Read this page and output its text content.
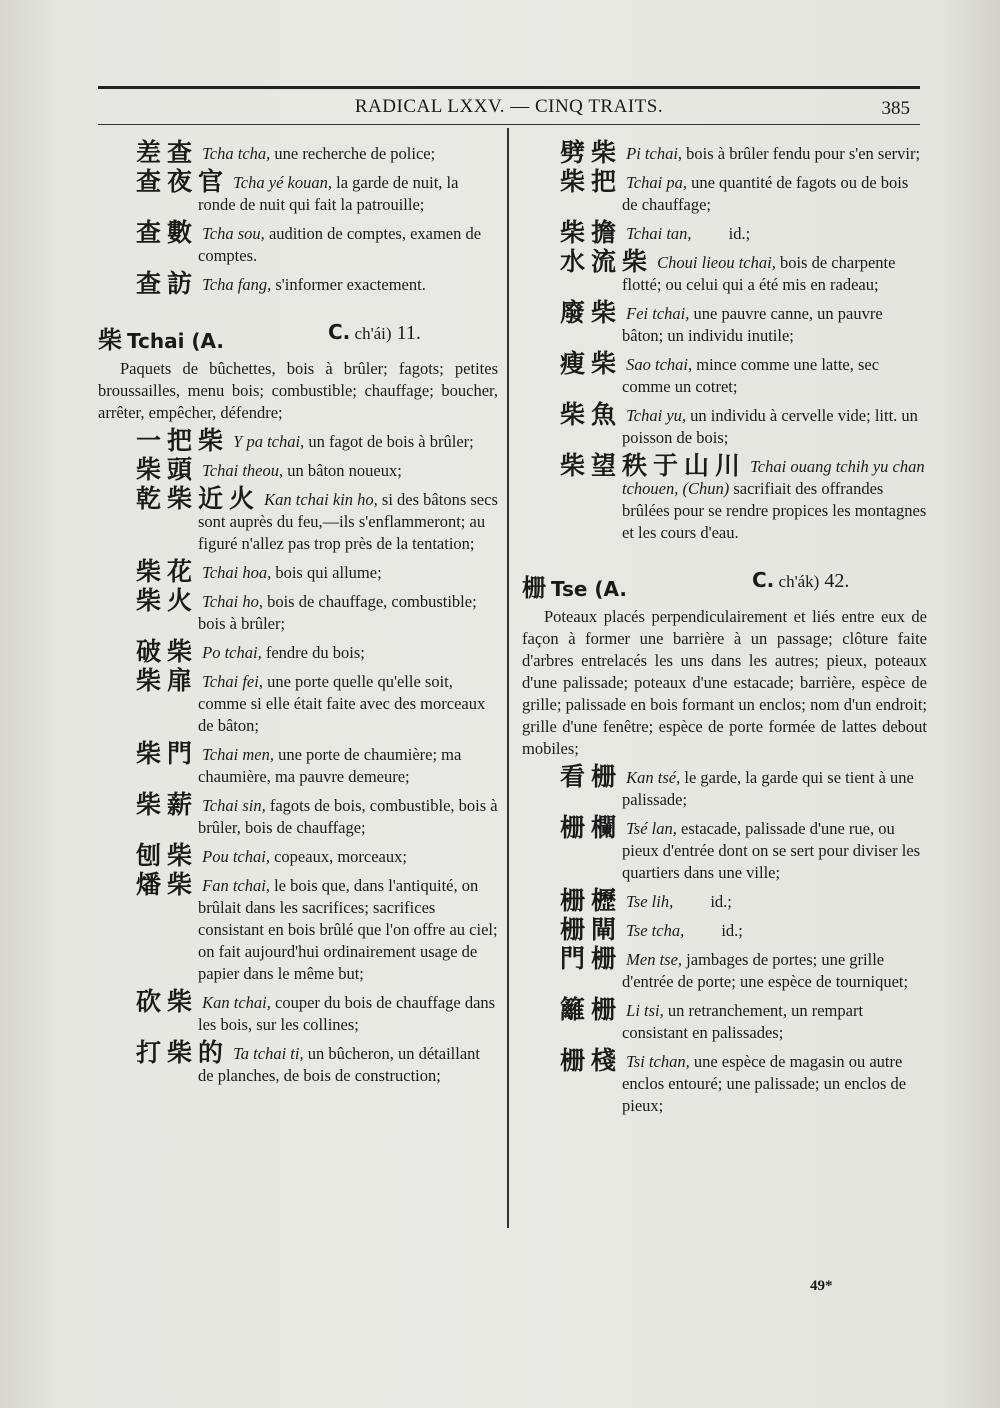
RADICAL LXXV. — CINQ TRAITS.	385
差查 Tcha tcha, une recherche de police;
查夜官 Tcha yé kouan, la garde de nuit, la ronde de nuit qui fait la patrouille;
查數 Tcha sou, audition de comptes, examen de comptes.
查訪 Tcha fang, s'informer exactement.
柴 Tchai (A.	C. ch'ái) 11.

Paquets de bûchettes, bois à brûler; fagots; petites broussailles, menu bois; combustible; chauffage; boucher, arrêter, empêcher, défendre;

一把柴 Y pa tchai, un fagot de bois à brûler;
柴頭 Tchai theou, un bâton noueux;
乾柴近火 Kan tchai kin ho, si des bâtons secs sont auprès du feu,—ils s'enflammeront; au figuré n'allez pas trop près de la tentation;
柴花 Tchai hoa, bois qui allume;
柴火 Tchai ho, bois de chauffage, combustible; bois à brûler;
破柴 Po tchai, fendre du bois;
柴扉 Tchai fei, une porte quelle qu'elle soit, comme si elle était faite avec des morceaux de bâton;
柴門 Tchai men, une porte de chaumière; ma chaumière, ma pauvre demeure;
柴薪 Tchai sin, fagots de bois, combustible, bois à brûler, bois de chauffage;
刨柴 Pou tchai, copeaux, morceaux;
燔柴 Fan tchai, le bois que, dans l'antiquité, on brûlait dans les sacrifices; sacrifices consistant en bois brûlé que l'on offre au ciel; on fait aujourd'hui ordinairement usage de papier dans le même but;
砍柴 Kan tchai, couper du bois de chauffage dans les bois, sur les collines;
打柴的 Ta tchai ti, un bûcheron, un détaillant de planches, de bois de construction;
劈柴 Pi tchai, bois à brûler fendu pour s'en servir;
柴把 Tchai pa, une quantité de fagots ou de bois de chauffage;
柴擔 Tchai tan,         id.;
水流柴 Choui lieou tchai, bois de charpente flotté; ou celui qui a été mis en radeau;
廢柴 Fei tchai, une pauvre canne, un pauvre bâton; un individu inutile;
瘦柴 Sao tchai, mince comme une latte, sec comme un cotret;
柴魚 Tchai yu, un individu à cervelle vide; litt. un poisson de bois;
柴望秩于山川 Tchai ouang tchih yu chan tchouen, (Chun) sacrifiait des offrandes brûlées pour se rendre propices les montagnes et les cours d'eau.
栅 Tse (A.	C. ch'ák) 42.

Poteaux placés perpendiculairement et liés entre eux de façon à former une barrière à un passage; clôture faite d'arbres entrelacés les uns dans les autres; pieux, poteaux d'une palissade; poteaux d'une estacade; barrière, espèce de grille; palissade en bois formant un enclos; nom d'un endroit; grille d'une fenêtre; espèce de porte formée de lattes debout mobiles;

看栅 Kan tsé, le garde, la garde qui se tient à une palissade;
栅欄 Tsé lan, estacade, palissade d'une rue, ou pieux d'entrée dont on se sert pour diviser les quartiers dans une ville;
栅櫪 Tse lih,         id.;
栅閘 Tse tcha,         id.;
門栅 Men tse, jambages de portes; une grille d'entrée de porte; une espèce de tourniquet;
籬栅 Li tsi, un retranchement, un rempart consistant en palissades;
栅棧 Tsi tchan, une espèce de magasin ou autre enclos entouré; une palissade; un enclos de pieux;
49*
